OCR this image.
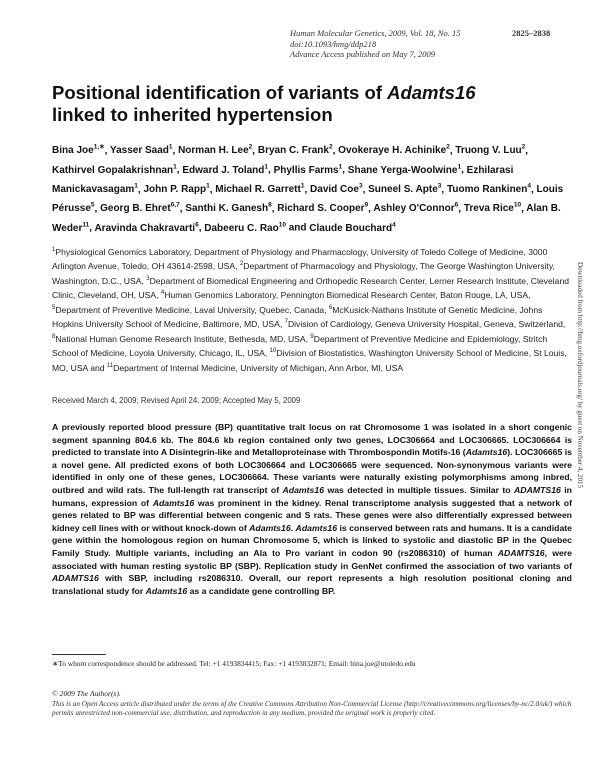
Human Molecular Genetics, 2009, Vol. 18, No. 15	2825–2838
doi:10.1093/hmg/ddp218
Advance Access published on May 7, 2009
Positional identification of variants of Adamts16
linked to inherited hypertension
Bina Joe$^{1,∗}$, Yasser Saad$^1$, Norman H. Lee$^2$, Bryan C. Frank$^2$, Ovokeraye H. Achinike$^2$, Truong V. Luu$^2$, Kathirvel Gopalakrishnan$^1$, Edward J. Toland$^1$, Phyllis Farms$^1$, Shane Yerga-Woolwine$^1$, Ezhilarasi Manickavasagam$^1$, John P. Rapp$^1$, Michael R. Garrett$^1$, David Coe$^3$, Suneel S. Apte$^3$, Tuomo Rankinen$^4$, Louis Pérusse$^5$, Georg B. Ehret$^{6,7}$, Santhi K. Ganesh$^8$, Richard S. Cooper$^9$, Ashley O'Connor$^6$, Treva Rice$^{10}$, Alan B. Weder$^{11}$, Aravinda Chakravarti$^6$, Dabeeru C. Rao$^{10}$ and Claude Bouchard$^4$
$^1$Physiological Genomics Laboratory, Department of Physiology and Pharmacology, University of Toledo College of Medicine, 3000 Arlington Avenue, Toledo, OH 43614-2598, USA, $^2$Department of Pharmacology and Physiology, The George Washington University, Washington, D.C., USA, $^3$Department of Biomedical Engineering and Orthopedic Research Center, Lerner Research Institute, Cleveland Clinic, Cleveland, OH, USA, $^4$Human Genomics Laboratory, Pennington Biomedical Research Center, Baton Rouge, LA, USA, $^5$Department of Preventive Medicine, Laval University, Quebec, Canada, $^6$McKusick-Nathans Institute of Genetic Medicine, Johns Hopkins University School of Medicine, Baltimore, MD, USA, $^7$Division of Cardiology, Geneva University Hospital, Geneva, Switzerland, $^8$National Human Genome Research Institute, Bethesda, MD, USA, $^9$Department of Preventive Medicine and Epidemiology, Stritch School of Medicine, Loyola University, Chicago, IL, USA, $^{10}$Division of Biostatistics, Washington University School of Medicine, St Louis, MO, USA and $^{11}$Department of Internal Medicine, University of Michigan, Ann Arbor, MI, USA
Received March 4, 2009; Revised April 24, 2009; Accepted May 5, 2009
A previously reported blood pressure (BP) quantitative trait locus on rat Chromosome 1 was isolated in a short congenic segment spanning 804.6 kb. The 804.6 kb region contained only two genes, LOC306664 and LOC306665. LOC306664 is predicted to translate into A Disintegrin-like and Metalloproteinase with Thrombospondin Motifs-16 (Adamts16). LOC306665 is a novel gene. All predicted exons of both LOC306664 and LOC306665 were sequenced. Non-synonymous variants were identified in only one of these genes, LOC306664. These variants were naturally existing polymorphisms among inbred, outbred and wild rats. The full-length rat transcript of Adamts16 was detected in multiple tissues. Similar to ADAMTS16 in humans, expression of Adamts16 was prominent in the kidney. Renal transcriptome analysis suggested that a network of genes related to BP was differential between congenic and S rats. These genes were also differentially expressed between kidney cell lines with or without knock-down of Adamts16. Adamts16 is conserved between rats and humans. It is a candidate gene within the homologous region on human Chromosome 5, which is linked to systolic and diastolic BP in the Quebec Family Study. Multiple variants, including an Ala to Pro variant in codon 90 (rs2086310) of human ADAMTS16, were associated with human resting systolic BP (SBP). Replication study in GenNet confirmed the association of two variants of ADAMTS16 with SBP, including rs2086310. Overall, our report represents a high resolution positional cloning and translational study for Adamts16 as a candidate gene controlling BP.
∗To whom correspondence should be addressed. Tel: +1 4193834415; Fax: +1 4193832871; Email: bina.joe@utoledo.edu
© 2009 The Author(s).
This is an Open Access article distributed under the terms of the Creative Commons Attribution Non-Commercial License (http://creativecommons.org/licenses/by-nc/2.0/uk/) which permits unrestricted non-commercial use, distribution, and reproduction in any medium, provided the original work is properly cited.
Downloaded from http://hmg.oxfordjournals.org/ by guest on November 4, 2015
